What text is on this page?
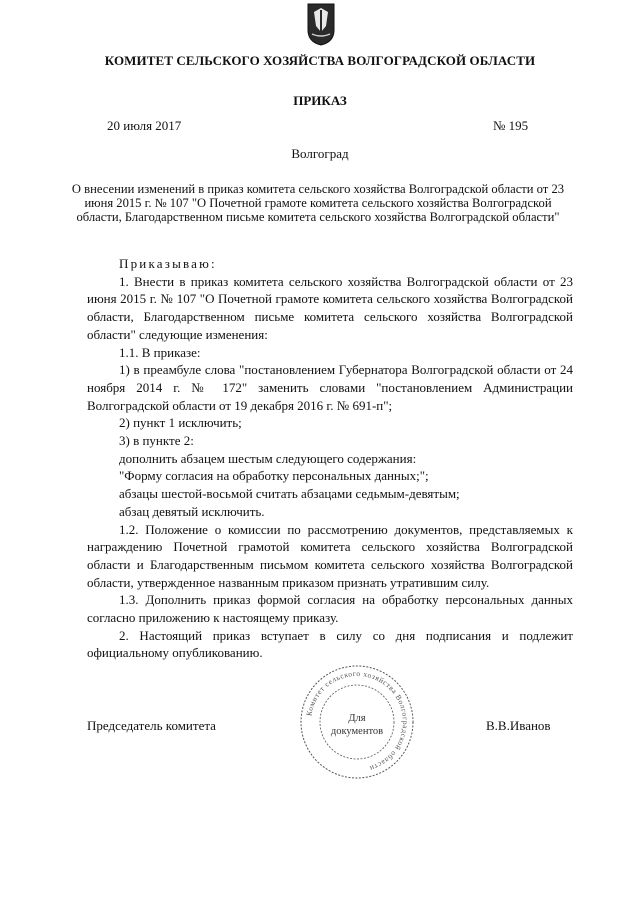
КОМИТЕТ СЕЛЬСКОГО ХОЗЯЙСТВА ВОЛГОГРАДСКОЙ ОБЛАСТИ
ПРИКАЗ
20 июля 2017	№ 195
Волгоград
О внесении изменений в приказ комитета сельского хозяйства Волгоградской области от 23 июня 2015 г. № 107 "О Почетной грамоте комитета сельского хозяйства Волгоградской области, Благодарственном письме комитета сельского хозяйства Волгоградской области"

Приказываю:

1. Внести в приказ комитета сельского хозяйства Волгоградской области от 23 июня 2015 г. № 107 "О Почетной грамоте комитета сельского хозяйства Волгоградской области, Благодарственном письме комитета сельского хозяйства Волгоградской области" следующие изменения:

1.1. В приказе:

1) в преамбуле слова "постановлением Губернатора Волгоградской области от 24 ноября 2014 г. № 172" заменить словами "постановлением Администрации Волгоградской области от 19 декабря 2016 г. № 691-п";

2) пункт 1 исключить;

3) в пункте 2:

дополнить абзацем шестым следующего содержания:

"Форму согласия на обработку персональных данных;";

абзацы шестой-восьмой считать абзацами седьмым-девятым;

абзац девятый исключить.

1.2. Положение о комиссии по рассмотрению документов, представляемых к награждению Почетной грамотой комитета сельского хозяйства Волгоградской области и Благодарственным письмом комитета сельского хозяйства Волгоградской области, утвержденное названным приказом признать утратившим силу.

1.3. Дополнить приказ формой согласия на обработку персональных данных согласно приложению к настоящему приказу.

2. Настоящий приказ вступает в силу со дня подписания и подлежит официальному опубликованию.

Председатель комитета	В.В.Иванов
Комитет сельского хозяйства Волгоградской области
Для
документов
